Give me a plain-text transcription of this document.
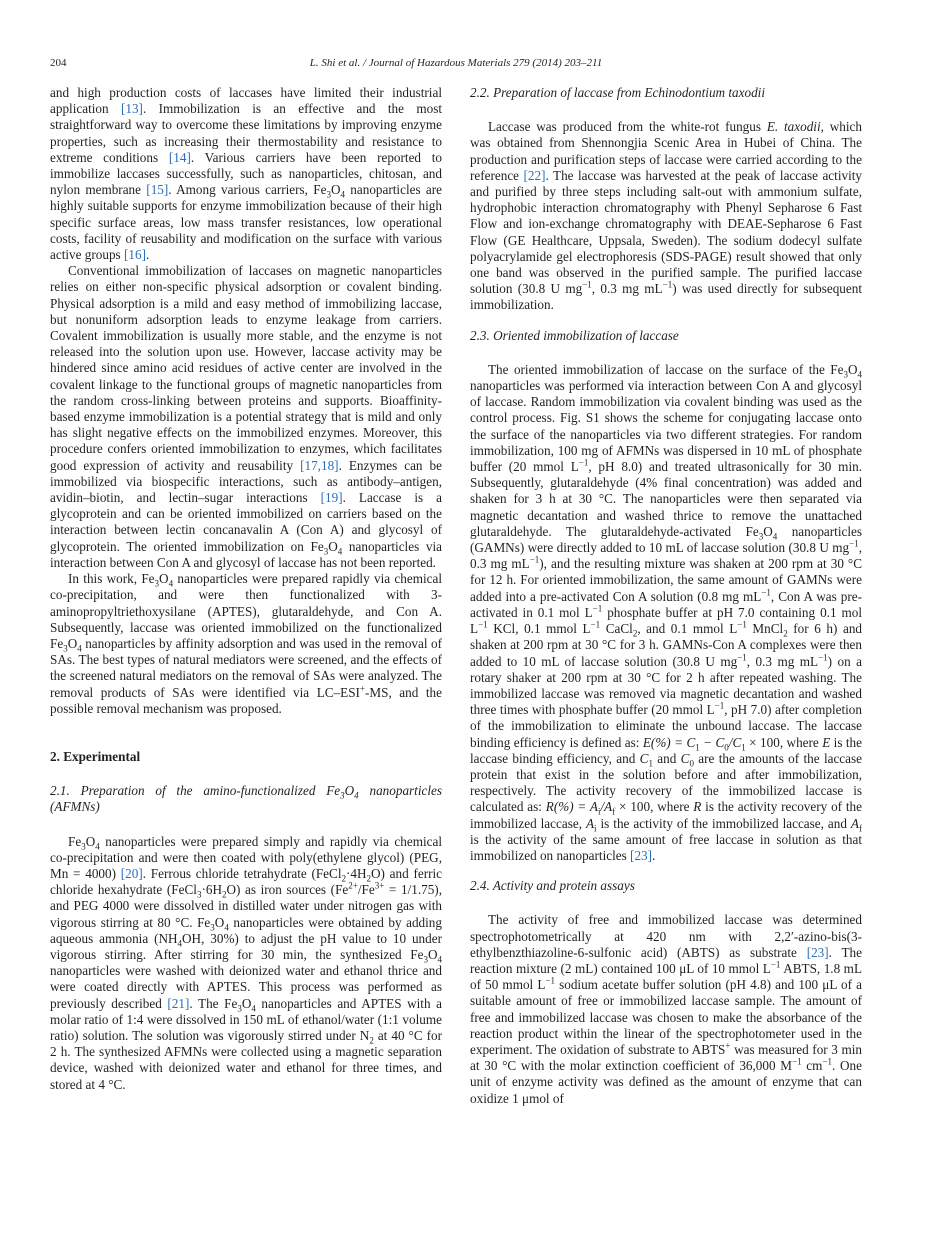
204	L. Shi et al. / Journal of Hazardous Materials 279 (2014) 203–211

and high production costs of laccases have limited their industrial application [13]. Immobilization is an effective and the most straightforward way to overcome these limitations by improving enzyme properties, such as increasing their thermostability and resistance to extreme conditions [14]. Various carriers have been reported to immobilize laccases successfully, such as nanoparticles, chitosan, and nylon membrane [15]. Among various carriers, $Fe_3O_4$ nanoparticles are highly suitable supports for enzyme immobilization because of their high specific surface areas, low mass transfer resistances, low operational costs, facility of reusability and modification on the surface with various active groups [16].

Conventional immobilization of laccases on magnetic nanoparticles relies on either non-specific physical adsorption or covalent binding. Physical adsorption is a mild and easy method of immobilizing laccase, but nonuniform adsorption leads to enzyme leakage from carriers. Covalent immobilization is usually more stable, and the enzyme is not released into the solution upon use. However, laccase activity may be hindered since amino acid residues of active center are involved in the covalent linkage to the functional groups of magnetic nanoparticles from the random cross-linking between proteins and supports. Bioaffinity-based enzyme immobilization is a potential strategy that is mild and only has slight negative effects on the immobilized enzymes. Moreover, this procedure confers oriented immobilization to enzymes, which facilitates good expression of activity and reusability [17,18]. Enzymes can be immobilized via biospecific interactions, such as antibody–antigen, avidin–biotin, and lectin–sugar interactions [19]. Laccase is a glycoprotein and can be oriented immobilized on carriers based on the interaction between lectin concanavalin A (Con A) and glycosyl of glycoprotein. The oriented immobilization on $Fe_3O_4$ nanoparticles via interaction between Con A and glycosyl of laccase has not been reported.

In this work, $Fe_3O_4$ nanoparticles were prepared rapidly via chemical co-precipitation, and were then functionalized with 3-aminopropyltriethoxysilane (APTES), glutaraldehyde, and Con A. Subsequently, laccase was oriented immobilized on the functionalized $Fe_3O_4$ nanoparticles by affinity adsorption and was used in the removal of SAs. The best types of natural mediators were screened, and the effects of the screened natural mediators on the removal of SAs were analyzed. The removal products of SAs were identified via LC–ESI+-MS, and the possible removal mechanism was proposed.

2. Experimental

2.1. Preparation of the amino-functionalized $Fe_3O_4$ nanoparticles (AFMNs)

$Fe_3O_4$ nanoparticles were prepared simply and rapidly via chemical co-precipitation and were then coated with poly(ethylene glycol) (PEG, Mn = 4000) [20]. Ferrous chloride tetrahydrate $(FeCl_2\cdot 4H_2O)$ and ferric chloride hexahydrate $(FeCl_3\cdot 6H_2O)$ as iron sources $(Fe^{2+}/Fe^{3+} = 1/1.75)$, and PEG 4000 were dissolved in distilled water under nitrogen gas with vigorous stirring at 80 °C. $Fe_3O_4$ nanoparticles were obtained by adding aqueous ammonia ($NH_4OH$, 30%) to adjust the pH value to 10 under vigorous stirring. After stirring for 30 min, the synthesized $Fe_3O_4$ nanoparticles were washed with deionized water and ethanol thrice and were coated directly with APTES. This process was performed as previously described [21]. The $Fe_3O_4$ nanoparticles and APTES with a molar ratio of 1:4 were dissolved in 150 mL of ethanol/water (1:1 volume ratio) solution. The solution was vigorously stirred under $N_2$ at 40 °C for 2 h. The synthesized AFMNs were collected using a magnetic separation device, washed with deionized water and ethanol for three times, and stored at 4 °C.

2.2. Preparation of laccase from Echinodontium taxodii

Laccase was produced from the white-rot fungus E. taxodii, which was obtained from Shennongjia Scenic Area in Hubei of China. The production and purification steps of laccase were carried according to the reference [22]. The laccase was harvested at the peak of laccase activity and purified by three steps including salt-out with ammonium sulfate, hydrophobic interaction chromatography with Phenyl Sepharose 6 Fast Flow and ion-exchange chromatography with DEAE-Sepharose 6 Fast Flow (GE Healthcare, Uppsala, Sweden). The sodium dodecyl sulfate polyacrylamide gel electrophoresis (SDS-PAGE) result showed that only one band was observed in the purified sample. The purified laccase solution (30.8 U $mg^{-1}$, 0.3 mg $mL^{-1}$) was used directly for subsequent immobilization.

2.3. Oriented immobilization of laccase

The oriented immobilization of laccase on the surface of the $Fe_3O_4$ nanoparticles was performed via interaction between Con A and glycosyl of laccase. Random immobilization via covalent binding was used as the control process. Fig. S1 shows the scheme for conjugating laccase onto the surface of the nanoparticles via two different strategies. For random immobilization, 100 mg of AFMNs was dispersed in 10 mL of phosphate buffer (20 mmol $L^{-1}$, pH 8.0) and treated ultrasonically for 30 min. Subsequently, glutaraldehyde (4% final concentration) was added and shaken for 3 h at 30 °C. The nanoparticles were then separated via magnetic decantation and washed thrice to remove the unattached glutaraldehyde. The glutaraldehyde-activated $Fe_3O_4$ nanoparticles (GAMNs) were directly added to 10 mL of laccase solution (30.8 U $mg^{-1}$, 0.3 mg $mL^{-1}$), and the resulting mixture was shaken at 200 rpm at 30 °C for 12 h. For oriented immobilization, the same amount of GAMNs were added into a pre-activated Con A solution (0.8 mg $mL^{-1}$, Con A was pre-activated in 0.1 mol $L^{-1}$ phosphate buffer at pH 7.0 containing 0.1 mol $L^{-1}$ KCl, 0.1 mmol $L^{-1}$ CaCl$_2$, and 0.1 mmol $L^{-1}$ MnCl$_2$ for 6 h) and shaken at 200 rpm at 30 °C for 3 h. GAMNs-Con A complexes were then added to 10 mL of laccase solution (30.8 U $mg^{-1}$, 0.3 mg $mL^{-1}$) on a rotary shaker at 200 rpm at 30 °C for 2 h after repeated washing. The immobilized laccase was removed via magnetic decantation and washed three times with phosphate buffer (20 mmol $L^{-1}$, pH 7.0) after completion of the immobilization to eliminate the unbound laccase. The laccase binding efficiency is defined as: $E(\%) = C_1 - C_0/C_1 \times 100$, where E is the laccase binding efficiency, and $C_1$ and $C_0$ are the amounts of the laccase protein that exist in the solution before and after immobilization, respectively. The activity recovery of the immobilized laccase is calculated as: $R(\%) = A_i/A_f \times 100$, where R is the activity recovery of the immobilized laccase, $A_i$ is the activity of the immobilized laccase, and $A_f$ is the activity of the same amount of free laccase in solution as that immobilized on nanoparticles [23].

2.4. Activity and protein assays

The activity of free and immobilized laccase was determined spectrophotometrically at 420 nm with 2,2′-azino-bis(3-ethylbenzthiazoline-6-sulfonic acid) (ABTS) as substrate [23]. The reaction mixture (2 mL) contained 100 μL of 10 mmol $L^{-1}$ ABTS, 1.8 mL of 50 mmol $L^{-1}$ sodium acetate buffer solution (pH 4.8) and 100 μL of a suitable amount of free or immobilized laccase sample. The amount of free and immobilized laccase was chosen to make the absorbance of the reaction product within the linear of the spectrophotometer used in the experiment. The oxidation of substrate to ABTS+ was measured for 3 min at 30 °C with the molar extinction coefficient of 36,000 $M^{-1}$ $cm^{-1}$. One unit of enzyme activity was defined as the amount of enzyme that can oxidize 1 μmol of
